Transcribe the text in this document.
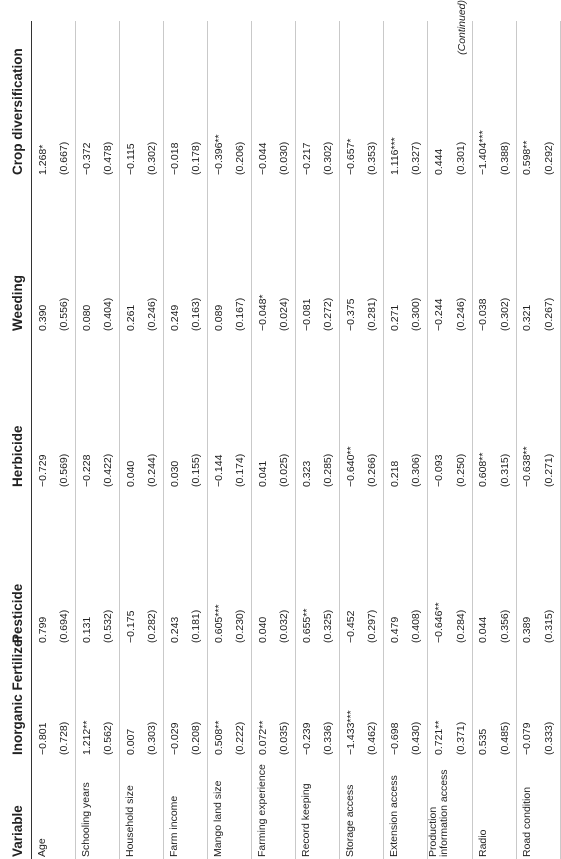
Variable	Inorganic Fertilizer	Pesticide	Herbicide	Weeding	Crop diversification
Age	−0.801	0.799	−0.729	0.390	1.268*
	(0.728)	(0.694)	(0.569)	(0.556)	(0.667)
Schooling years	1.212**	0.131	−0.228	0.080	−0.372
	(0.562)	(0.532)	(0.422)	(0.404)	(0.478)
Household size	0.007	−0.175	0.040	0.261	−0.115
	(0.303)	(0.282)	(0.244)	(0.246)	(0.302)
Farm income	−0.029	0.243	0.030	0.249	−0.018
	(0.208)	(0.181)	(0.155)	(0.163)	(0.178)
Mango land size	0.508**	0.605***	−0.144	0.089	−0.396**
	(0.222)	(0.230)	(0.174)	(0.167)	(0.206)
Farming experience	0.072**	0.040	0.041	−0.048*	−0.044
	(0.035)	(0.032)	(0.025)	(0.024)	(0.030)
Record keeping	−0.239	0.655**	0.323	−0.081	−0.217
	(0.336)	(0.325)	(0.285)	(0.272)	(0.302)
Storage access	−1.433***	−0.452	−0.640**	−0.375	−0.657*
	(0.462)	(0.297)	(0.266)	(0.281)	(0.353)
Extension access	−0.698	0.479	0.218	0.271	1.116***
	(0.430)	(0.408)	(0.306)	(0.300)	(0.327)
Production information access	0.721**	−0.646**	−0.093	−0.244	0.444
	(0.371)	(0.284)	(0.250)	(0.246)	(0.301)
Radio	0.535	0.044	0.608**	−0.038	−1.404***
	(0.485)	(0.356)	(0.315)	(0.302)	(0.388)
Road condition	−0.079	0.389	−0.638**	0.321	0.598**
	(0.333)	(0.315)	(0.271)	(0.267)	(0.292)
(Continued)
